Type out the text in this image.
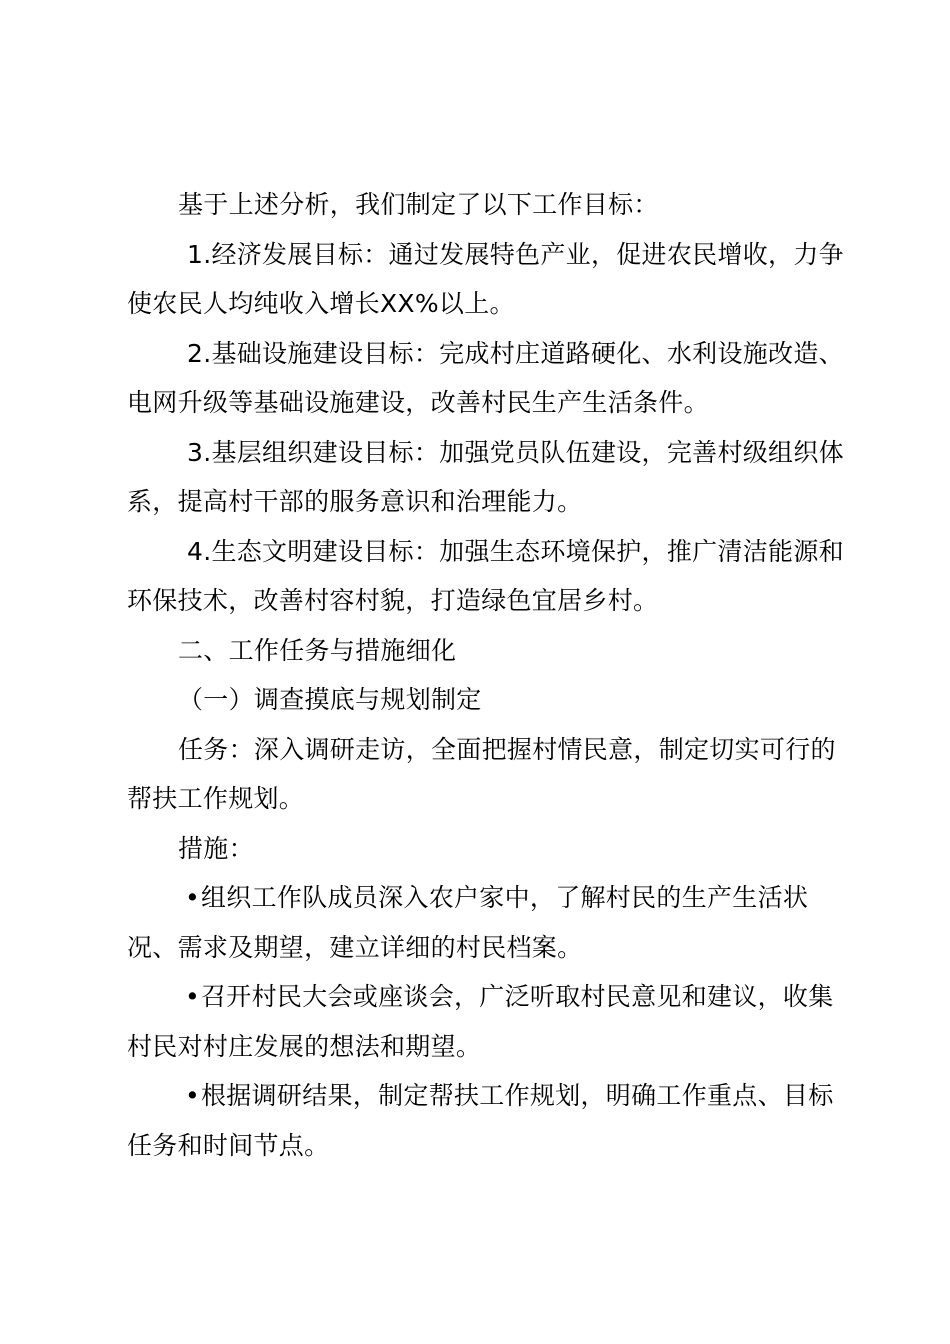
基于上述分析，我们制定了以下工作目标：

1.经济发展目标：通过发展特色产业，促进农民增收，力争使农民人均纯收入增长XX%以上。

2.基础设施建设目标：完成村庄道路硬化、水利设施改造、电网升级等基础设施建设，改善村民生产生活条件。

3.基层组织建设目标：加强党员队伍建设，完善村级组织体系，提高村干部的服务意识和治理能力。

4.生态文明建设目标：加强生态环境保护，推广清洁能源和环保技术，改善村容村貌，打造绿色宜居乡村。

二、工作任务与措施细化

（一）调查摸底与规划制定

任务：深入调研走访，全面把握村情民意，制定切实可行的帮扶工作规划。

措施：

•组织工作队成员深入农户家中，了解村民的生产生活状况、需求及期望，建立详细的村民档案。

•召开村民大会或座谈会，广泛听取村民意见和建议，收集村民对村庄发展的想法和期望。

•根据调研结果，制定帮扶工作规划，明确工作重点、目标任务和时间节点。
